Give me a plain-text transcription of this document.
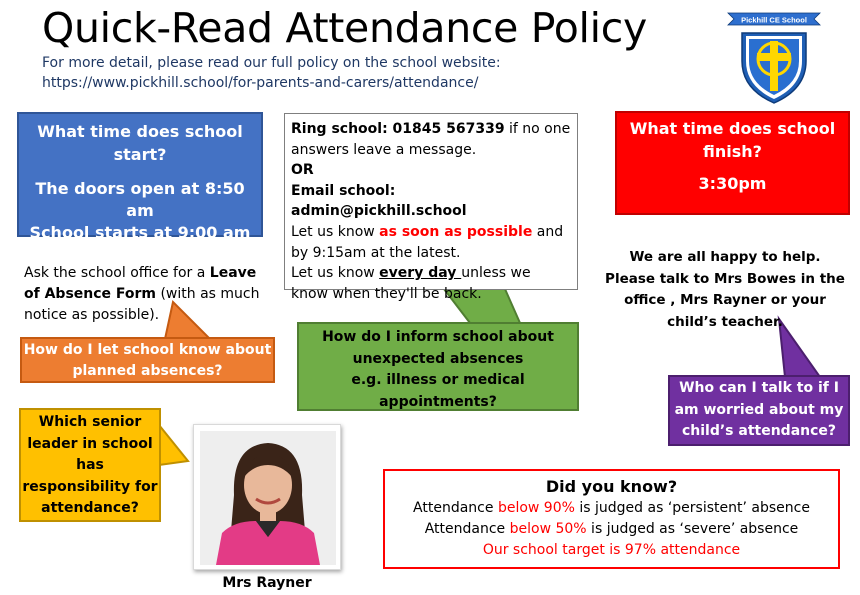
Quick-Read Attendance Policy
For more detail, please read our full policy on the school website:
https://www.pickhill.school/for-parents-and-carers/attendance/
Pickhill CE School
What time does school start?
The doors open at 8:50 am
School starts at 9:00 am
Ring school: 01845 567339 if no one answers leave a message.
OR
Email school: admin@pickhill.school
Let us know as soon as possible and by 9:15am at the latest.
Let us know every day unless we know when they'll be back.
What time does school finish?
3:30pm
Ask the school office for a Leave of Absence Form (with as much notice as possible).
We are all happy to help.
Please talk to Mrs Bowes in the
office , Mrs Rayner or your
child’s teacher.
How do I let school know about planned absences?
How do I inform school about
unexpected absences
e.g. illness or medical
appointments?
Who can I talk to if I am worried about my child’s attendance?
Which senior leader in school has responsibility for attendance?
Mrs Rayner
Did you know?
Attendance below 90% is judged as ‘persistent’ absence
Attendance below 50% is judged as ‘severe’ absence
Our school target is 97% attendance
